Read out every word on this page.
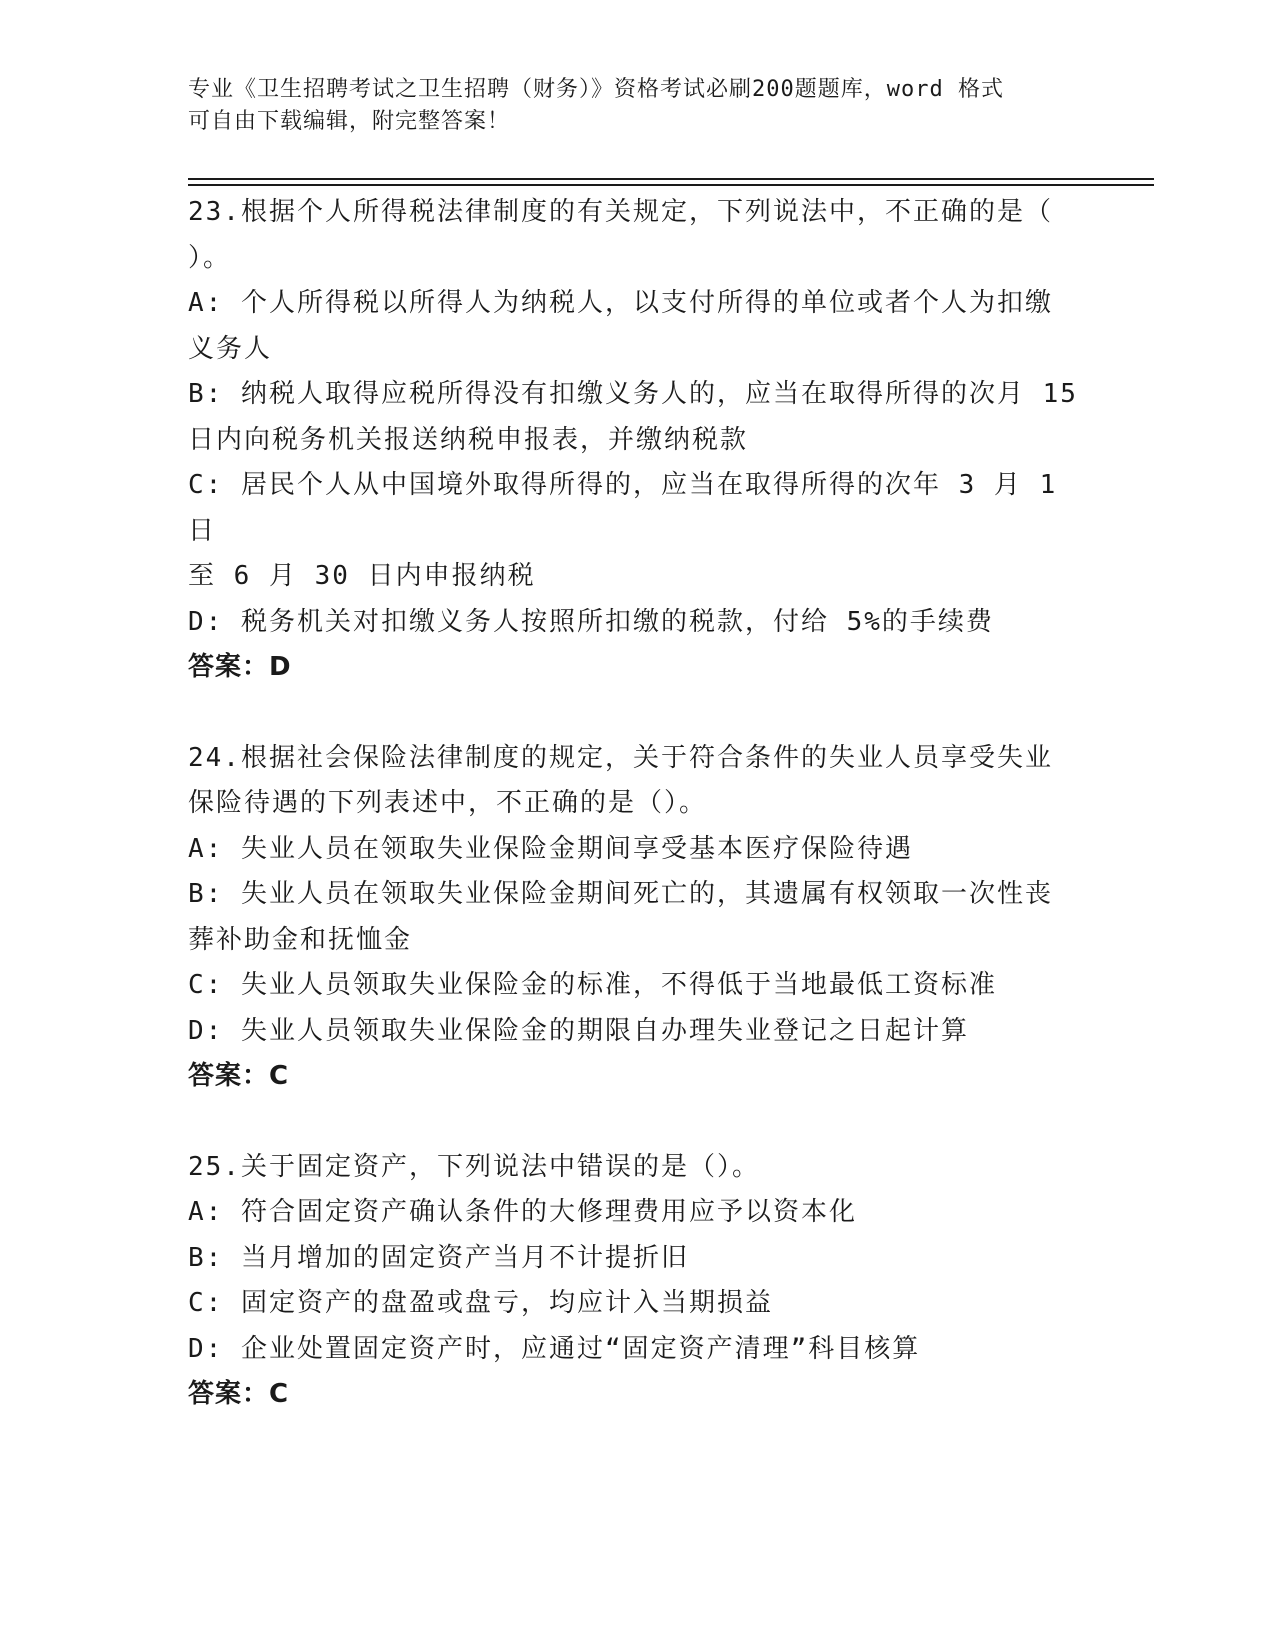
专业《卫生招聘考试之卫生招聘（财务）》资格考试必刷200题题库，word 格式
可自由下载编辑，附完整答案！

23.根据个人所得税法律制度的有关规定，下列说法中，不正确的是（

）。

A: 个人所得税以所得人为纳税人，以支付所得的单位或者个人为扣缴

义务人

B: 纳税人取得应税所得没有扣缴义务人的，应当在取得所得的次月 15

日内向税务机关报送纳税申报表，并缴纳税款

C: 居民个人从中国境外取得所得的，应当在取得所得的次年 3 月 1 日

至 6 月 30 日内申报纳税

D: 税务机关对扣缴义务人按照所扣缴的税款，付给 5%的手续费

答案：D

24.根据社会保险法律制度的规定，关于符合条件的失业人员享受失业

保险待遇的下列表述中，不正确的是（）。

A: 失业人员在领取失业保险金期间享受基本医疗保险待遇

B: 失业人员在领取失业保险金期间死亡的，其遗属有权领取一次性丧

葬补助金和抚恤金

C: 失业人员领取失业保险金的标准，不得低于当地最低工资标准

D: 失业人员领取失业保险金的期限自办理失业登记之日起计算

答案：C

25.关于固定资产，下列说法中错误的是（）。

A: 符合固定资产确认条件的大修理费用应予以资本化

B: 当月增加的固定资产当月不计提折旧

C: 固定资产的盘盈或盘亏，均应计入当期损益

D: 企业处置固定资产时，应通过“固定资产清理”科目核算

答案：C
